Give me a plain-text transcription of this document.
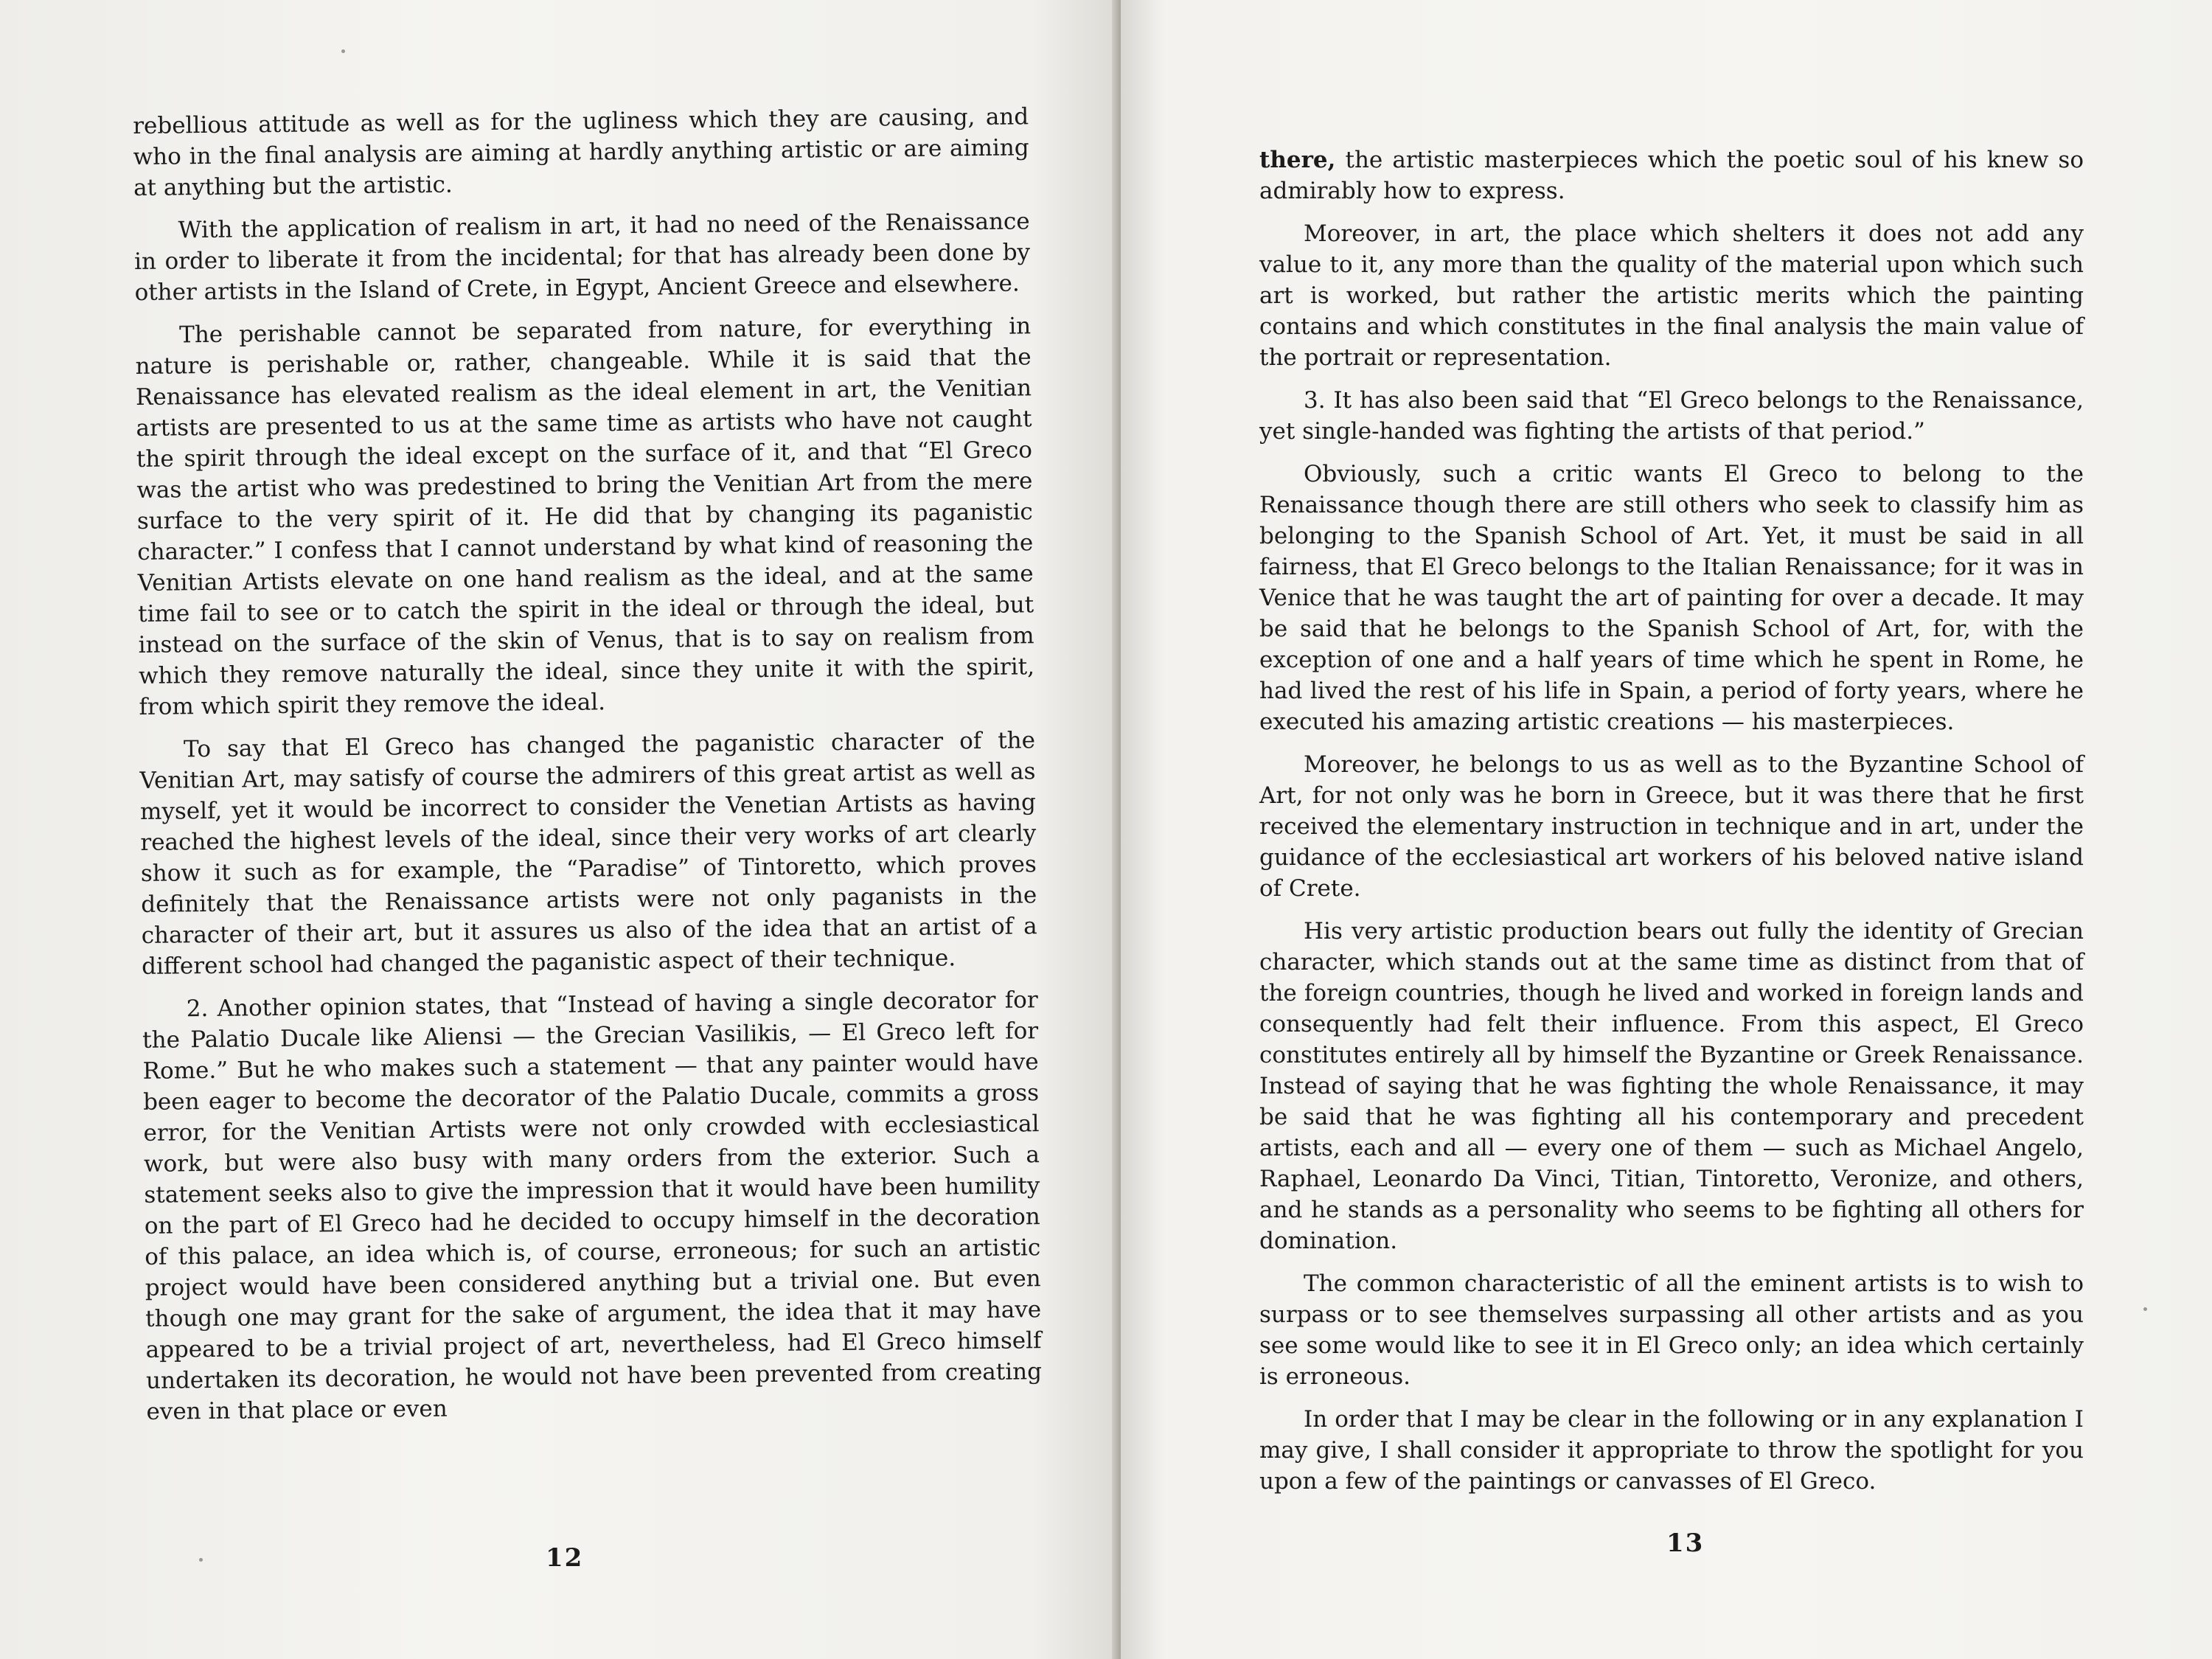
rebellious attitude as well as for the ugliness which they are causing, and who in the final analysis are aiming at hardly anything artistic or are aiming at anything but the artistic.

With the application of realism in art, it had no need of the Renaissance in order to liberate it from the incidental; for that has already been done by other artists in the Island of Crete, in Egypt, Ancient Greece and elsewhere.

The perishable cannot be separated from nature, for everything in nature is perishable or, rather, changeable. While it is said that the Renaissance has elevated realism as the ideal element in art, the Venitian artists are presented to us at the same time as artists who have not caught the spirit through the ideal except on the surface of it, and that “El Greco was the artist who was predestined to bring the Venitian Art from the mere surface to the very spirit of it. He did that by changing its paganistic character.” I confess that I cannot understand by what kind of reasoning the Venitian Artists elevate on one hand realism as the ideal, and at the same time fail to see or to catch the spirit in the ideal or through the ideal, but instead on the surface of the skin of Venus, that is to say on realism from which they remove naturally the ideal, since they unite it with the spirit, from which spirit they remove the ideal.

To say that El Greco has changed the paganistic character of the Venitian Art, may satisfy of course the admirers of this great artist as well as myself, yet it would be incorrect to consider the Venetian Artists as having reached the highest levels of the ideal, since their very works of art clearly show it such as for example, the “Paradise” of Tintoretto, which proves definitely that the Renaissance artists were not only paganists in the character of their art, but it assures us also of the idea that an artist of a different school had changed the paganistic aspect of their technique.

2. Another opinion states, that “Instead of having a single decorator for the Palatio Ducale like Aliensi — the Grecian Vasilikis, — El Greco left for Rome.” But he who makes such a statement — that any painter would have been eager to become the decorator of the Palatio Ducale, commits a gross error, for the Venitian Artists were not only crowded with ecclesiastical work, but were also busy with many orders from the exterior. Such a statement seeks also to give the impression that it would have been humility on the part of El Greco had he decided to occupy himself in the decoration of this palace, an idea which is, of course, erroneous; for such an artistic project would have been considered anything but a trivial one. But even though one may grant for the sake of argument, the idea that it may have appeared to be a trivial project of art, nevertheless, had El Greco himself undertaken its decoration, he would not have been prevented from creating even in that place or even

12

there, the artistic masterpieces which the poetic soul of his knew so admirably how to express.

Moreover, in art, the place which shelters it does not add any value to it, any more than the quality of the material upon which such art is worked, but rather the artistic merits which the painting contains and which constitutes in the final analysis the main value of the portrait or representation.

3. It has also been said that “El Greco belongs to the Renaissance, yet single-handed was fighting the artists of that period.”

Obviously, such a critic wants El Greco to belong to the Renaissance though there are still others who seek to classify him as belonging to the Spanish School of Art. Yet, it must be said in all fairness, that El Greco belongs to the Italian Renaissance; for it was in Venice that he was taught the art of painting for over a decade. It may be said that he belongs to the Spanish School of Art, for, with the exception of one and a half years of time which he spent in Rome, he had lived the rest of his life in Spain, a period of forty years, where he executed his amazing artistic creations — his masterpieces.

Moreover, he belongs to us as well as to the Byzantine School of Art, for not only was he born in Greece, but it was there that he first received the elementary instruction in technique and in art, under the guidance of the ecclesiastical art workers of his beloved native island of Crete.

His very artistic production bears out fully the identity of Grecian character, which stands out at the same time as distinct from that of the foreign countries, though he lived and worked in foreign lands and consequently had felt their influence. From this aspect, El Greco constitutes entirely all by himself the Byzantine or Greek Renaissance. Instead of saying that he was fighting the whole Renaissance, it may be said that he was fighting all his contemporary and precedent artists, each and all — every one of them — such as Michael Angelo, Raphael, Leonardo Da Vinci, Titian, Tintoretto, Veronize, and others, and he stands as a personality who seems to be fighting all others for domination.

The common characteristic of all the eminent artists is to wish to surpass or to see themselves surpassing all other artists and as you see some would like to see it in El Greco only; an idea which certainly is erroneous.

In order that I may be clear in the following or in any explanation I may give, I shall consider it appropriate to throw the spotlight for you upon a few of the paintings or canvasses of El Greco.

13
